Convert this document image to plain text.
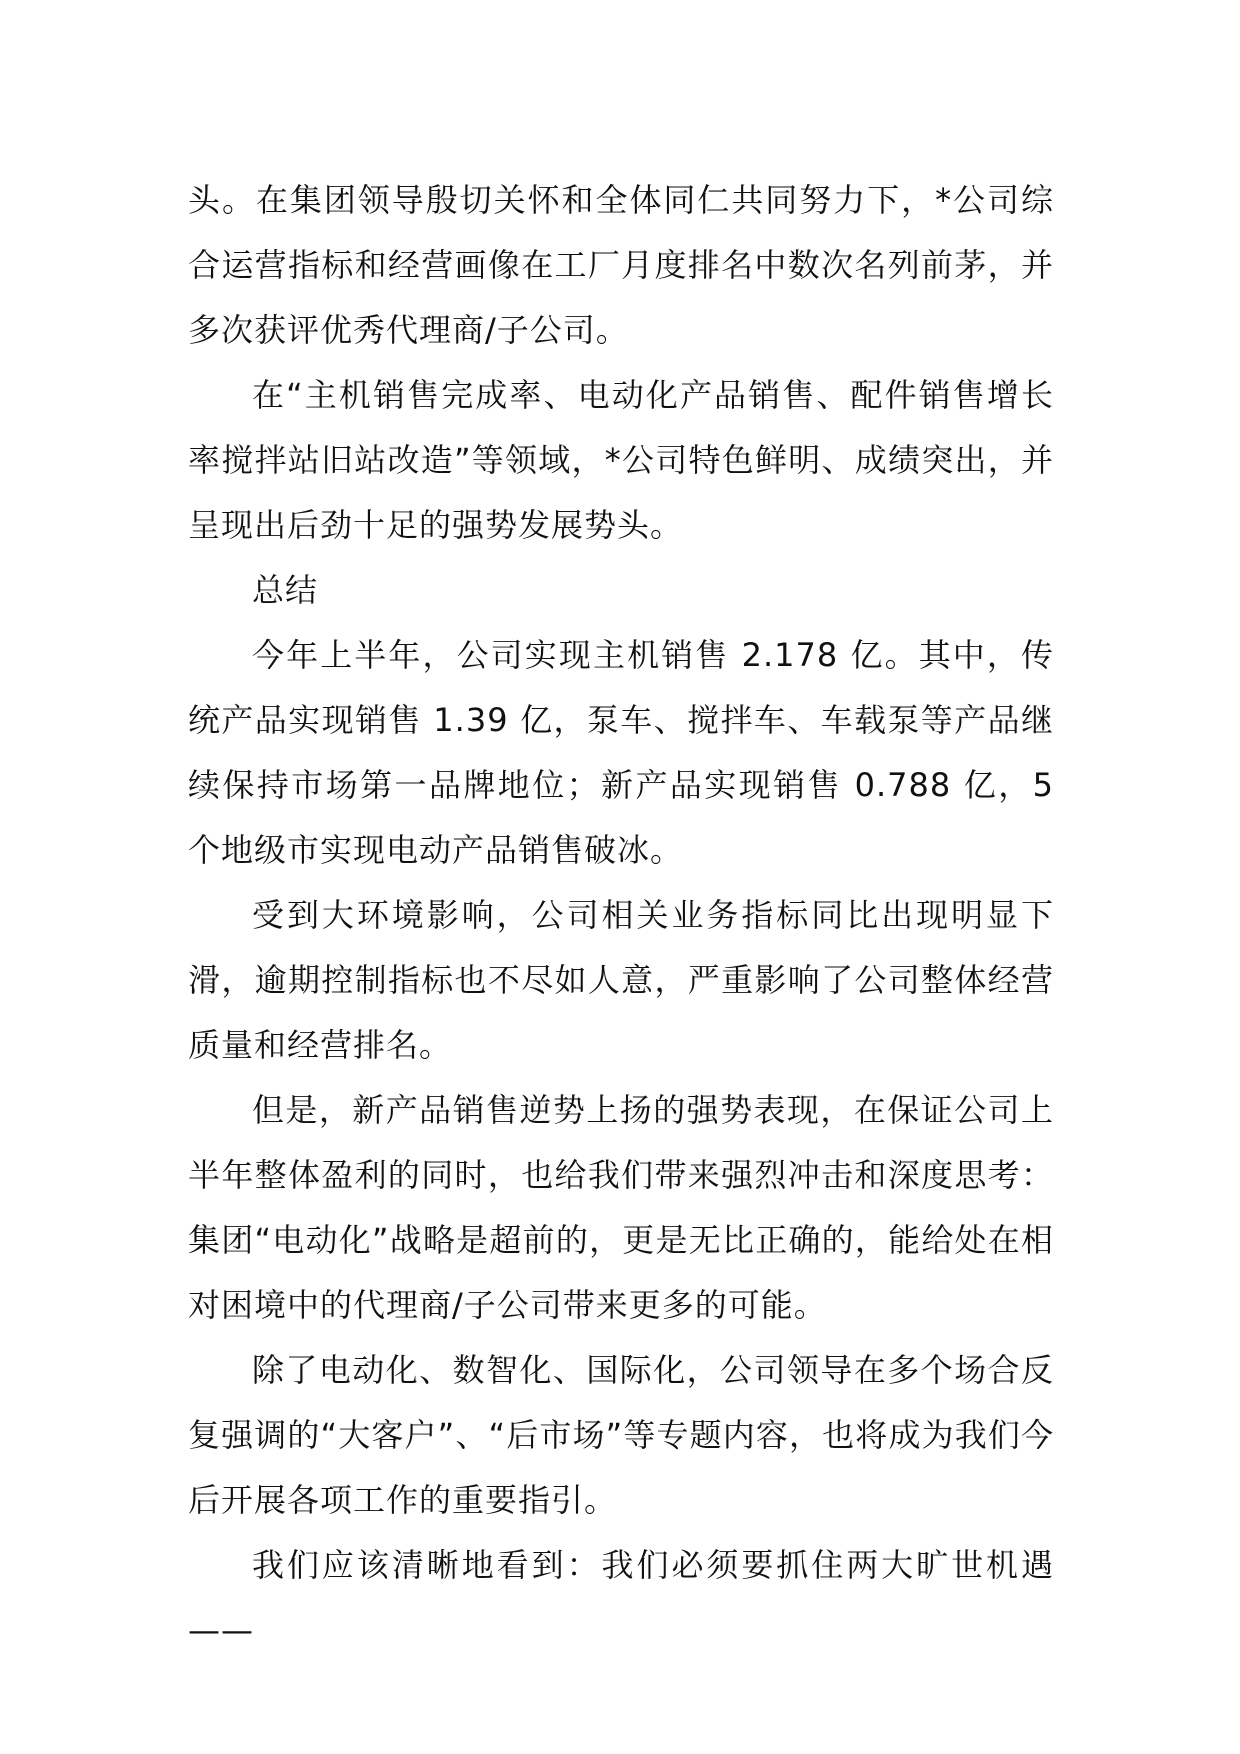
头。在集团领导殷切关怀和全体同仁共同努力下，*公司综合运营指标和经营画像在工厂月度排名中数次名列前茅，并多次获评优秀代理商/子公司。

在“主机销售完成率、电动化产品销售、配件销售增长率搅拌站旧站改造”等领域，*公司特色鲜明、成绩突出，并呈现出后劲十足的强势发展势头。

总结

今年上半年，公司实现主机销售 2.178 亿。其中，传统产品实现销售 1.39 亿，泵车、搅拌车、车载泵等产品继续保持市场第一品牌地位；新产品实现销售 0.788 亿，5 个地级市实现电动产品销售破冰。

受到大环境影响，公司相关业务指标同比出现明显下滑，逾期控制指标也不尽如人意，严重影响了公司整体经营质量和经营排名。

但是，新产品销售逆势上扬的强势表现，在保证公司上半年整体盈利的同时，也给我们带来强烈冲击和深度思考：集团“电动化”战略是超前的，更是无比正确的，能给处在相对困境中的代理商/子公司带来更多的可能。

除了电动化、数智化、国际化，公司领导在多个场合反复强调的“大客户”、“后市场”等专题内容，也将成为我们今后开展各项工作的重要指引。

我们应该清晰地看到：我们必须要抓住两大旷世机遇——
